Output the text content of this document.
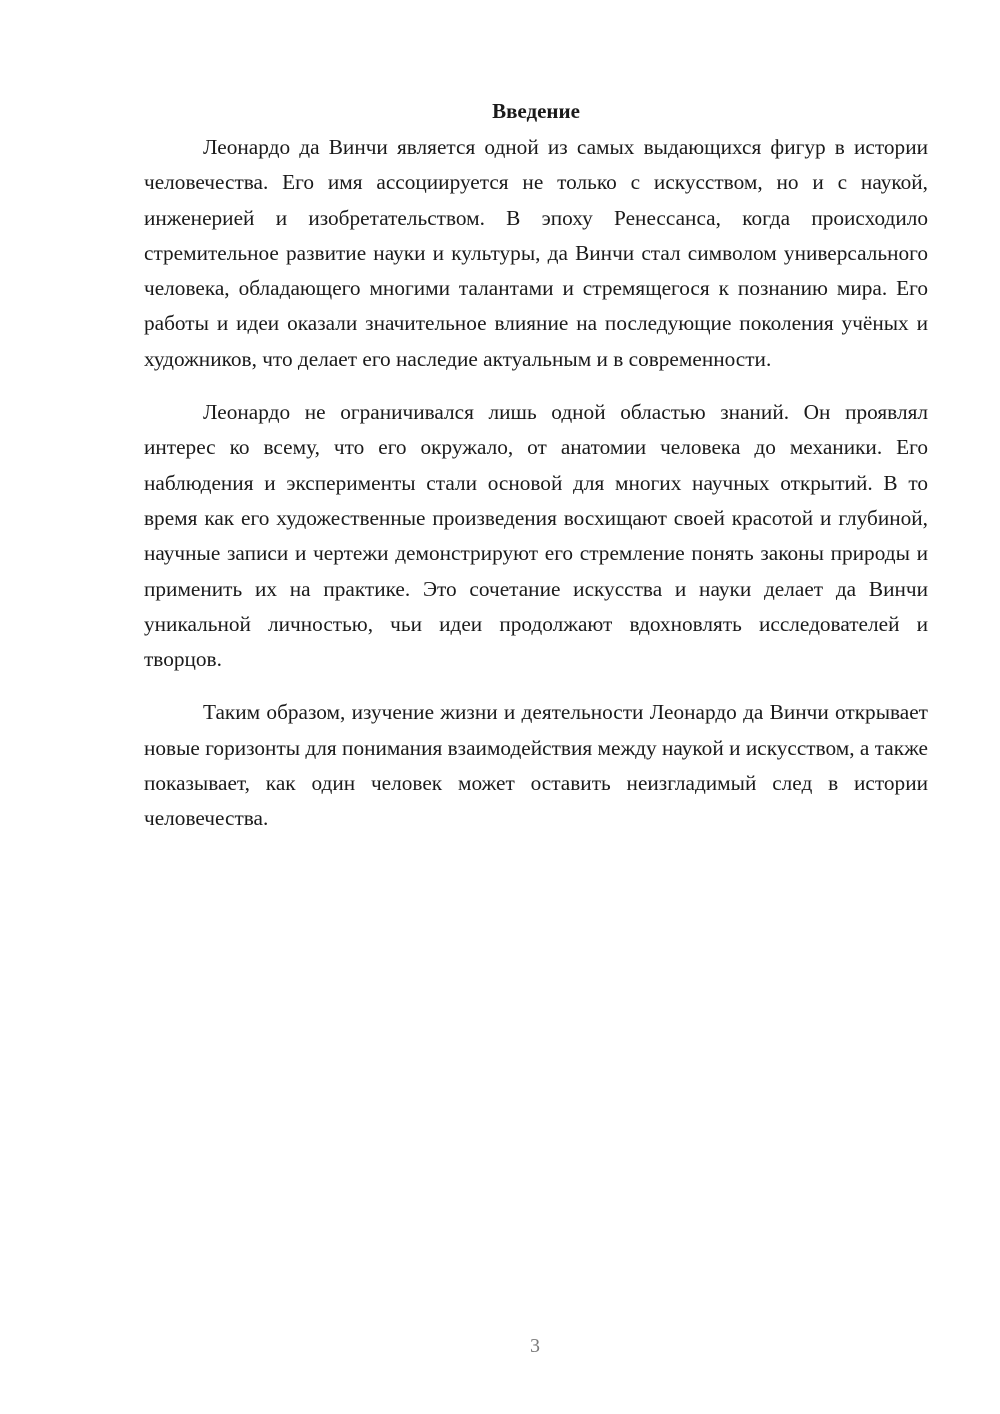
Введение

Леонардо да Винчи является одной из самых выдающихся фигур в истории человечества. Его имя ассоциируется не только с искусством, но и с наукой, инженерией и изобретательством. В эпоху Ренессанса, когда происходило стремительное развитие науки и культуры, да Винчи стал символом универсального человека, обладающего многими талантами и стремящегося к познанию мира. Его работы и идеи оказали значительное влияние на последующие поколения учёных и художников, что делает его наследие актуальным и в современности.

Леонардо не ограничивался лишь одной областью знаний. Он проявлял интерес ко всему, что его окружало, от анатомии человека до механики. Его наблюдения и эксперименты стали основой для многих научных открытий. В то время как его художественные произведения восхищают своей красотой и глубиной, научные записи и чертежи демонстрируют его стремление понять законы природы и применить их на практике. Это сочетание искусства и науки делает да Винчи уникальной личностью, чьи идеи продолжают вдохновлять исследователей и творцов.

Таким образом, изучение жизни и деятельности Леонардо да Винчи открывает новые горизонты для понимания взаимодействия между наукой и искусством, а также показывает, как один человек может оставить неизгладимый след в истории человечества.

3
